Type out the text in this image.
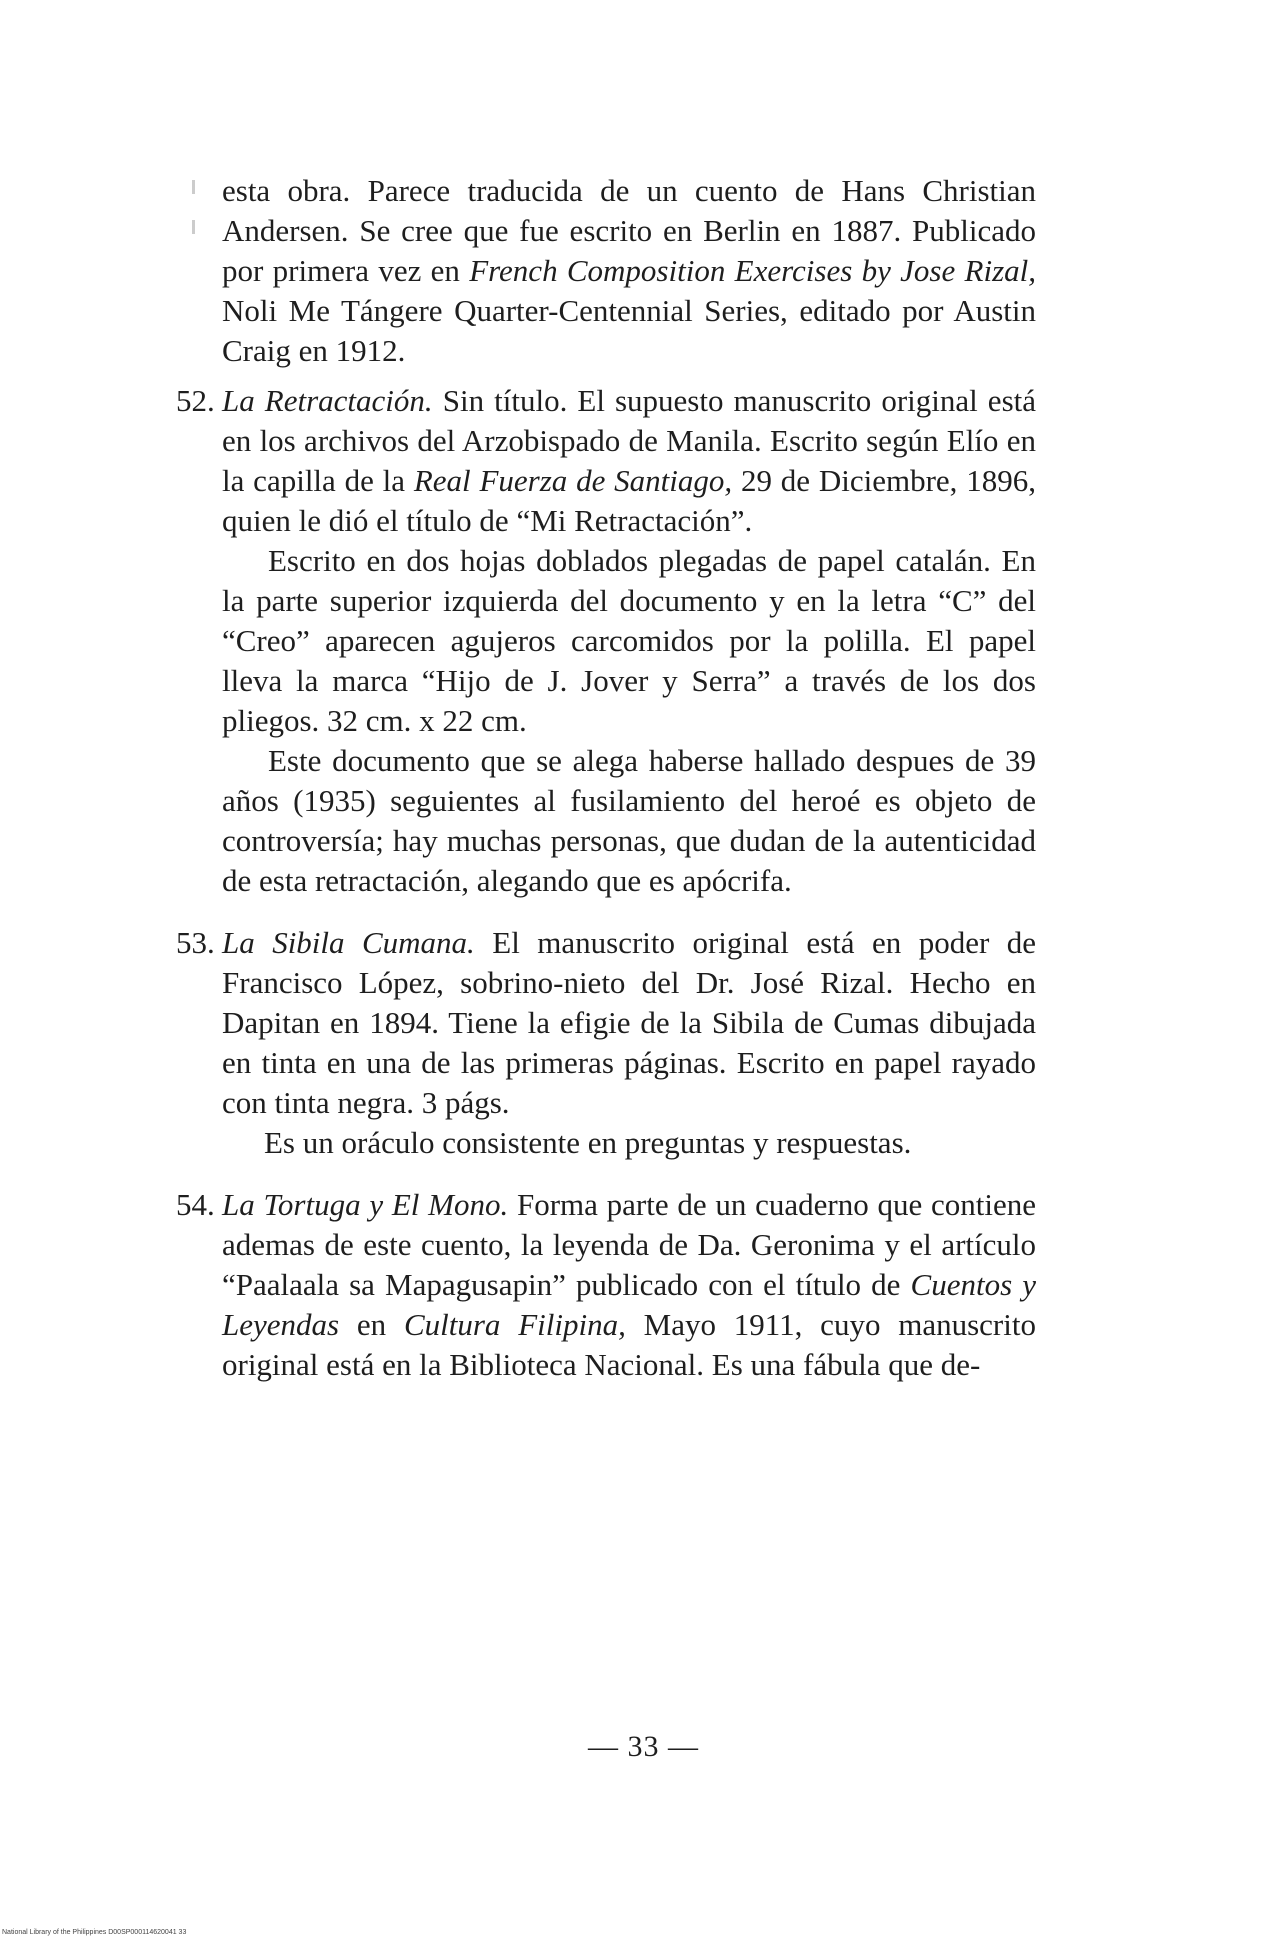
esta obra. Parece traducida de un cuento de Hans Christian Andersen. Se cree que fue escrito en Berlin en 1887. Publicado por primera vez en French Composition Exercises by Jose Rizal, Noli Me Tángere Quarter-Centennial Series, editado por Austin Craig en 1912.

52. La Retractación. Sin título. El supuesto manuscrito original está en los archivos del Arzobispado de Manila. Escrito según Elío en la capilla de la Real Fuerza de Santiago, 29 de Diciembre, 1896, quien le dió el título de “Mi Retractación”.

Escrito en dos hojas doblados plegadas de papel catalán. En la parte superior izquierda del documento y en la letra “C” del “Creo” aparecen agujeros carcomidos por la polilla. El papel lleva la marca “Hijo de J. Jover y Serra” a través de los dos pliegos. 32 cm. x 22 cm.

Este documento que se alega haberse hallado despues de 39 años (1935) seguientes al fusilamiento del heroé es objeto de controversía; hay muchas personas, que dudan de la autenticidad de esta retractación, alegando que es apócrifa.

53. La Sibila Cumana. El manuscrito original está en poder de Francisco López, sobrino-nieto del Dr. José Rizal. Hecho en Dapitan en 1894. Tiene la efigie de la Sibila de Cumas dibujada en tinta en una de las primeras páginas. Escrito en papel rayado con tinta negra. 3 págs.

Es un oráculo consistente en preguntas y respuestas.

54. La Tortuga y El Mono. Forma parte de un cuaderno que contiene ademas de este cuento, la leyenda de Da. Geronima y el artículo “Paalaala sa Mapagusapin” publicado con el título de Cuentos y Leyendas en Cultura Filipina, Mayo 1911, cuyo manuscrito original está en la Biblioteca Nacional. Es una fábula que de-

— 33 —
National Library of the Philippines D00SP000114620041 33
